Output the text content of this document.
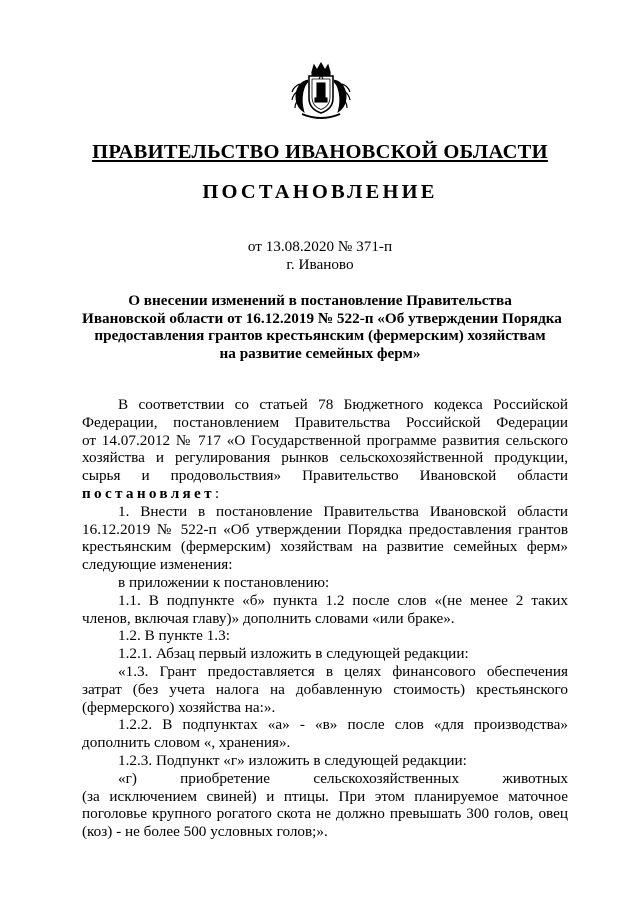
ПРАВИТЕЛЬСТВО ИВАНОВСКОЙ ОБЛАСТИ
ПОСТАНОВЛЕНИЕ
от 13.08.2020 № 371-п
г. Иваново
О внесении изменений в постановление Правительства
Ивановской области от 16.12.2019 № 522-п «Об утверждении Порядка
предоставления грантов крестьянским (фермерским) хозяйствам
на развитие семейных ферм»
В соответствии со статьей 78 Бюджетного кодекса Российской
Федерации, постановлением Правительства Российской Федерации
от 14.07.2012 № 717 «О Государственной программе развития сельского
хозяйства и регулирования рынков сельскохозяйственной продукции,
сырья и продовольствия» Правительство Ивановской области
постановляет:
1. Внести в постановление Правительства Ивановской области
16.12.2019 № 522-п «Об утверждении Порядка предоставления грантов
крестьянским (фермерским) хозяйствам на развитие семейных ферм»
следующие изменения:
в приложении к постановлению:
1.1. В подпункте «б» пункта 1.2 после слов «(не менее 2 таких
членов, включая главу)» дополнить словами «или браке».
1.2. В пункте 1.3:
1.2.1. Абзац первый изложить в следующей редакции:
«1.3. Грант предоставляется в целях финансового обеспечения
затрат (без учета налога на добавленную стоимость) крестьянского
(фермерского) хозяйства на:».
1.2.2. В подпунктах «а» - «в» после слов «для производства»
дополнить словом «, хранения».
1.2.3. Подпункт «г» изложить в следующей редакции:
«г) приобретение сельскохозяйственных животных
(за исключением свиней) и птицы. При этом планируемое маточное
поголовье крупного рогатого скота не должно превышать 300 голов, овец
(коз) - не более 500 условных голов;».
